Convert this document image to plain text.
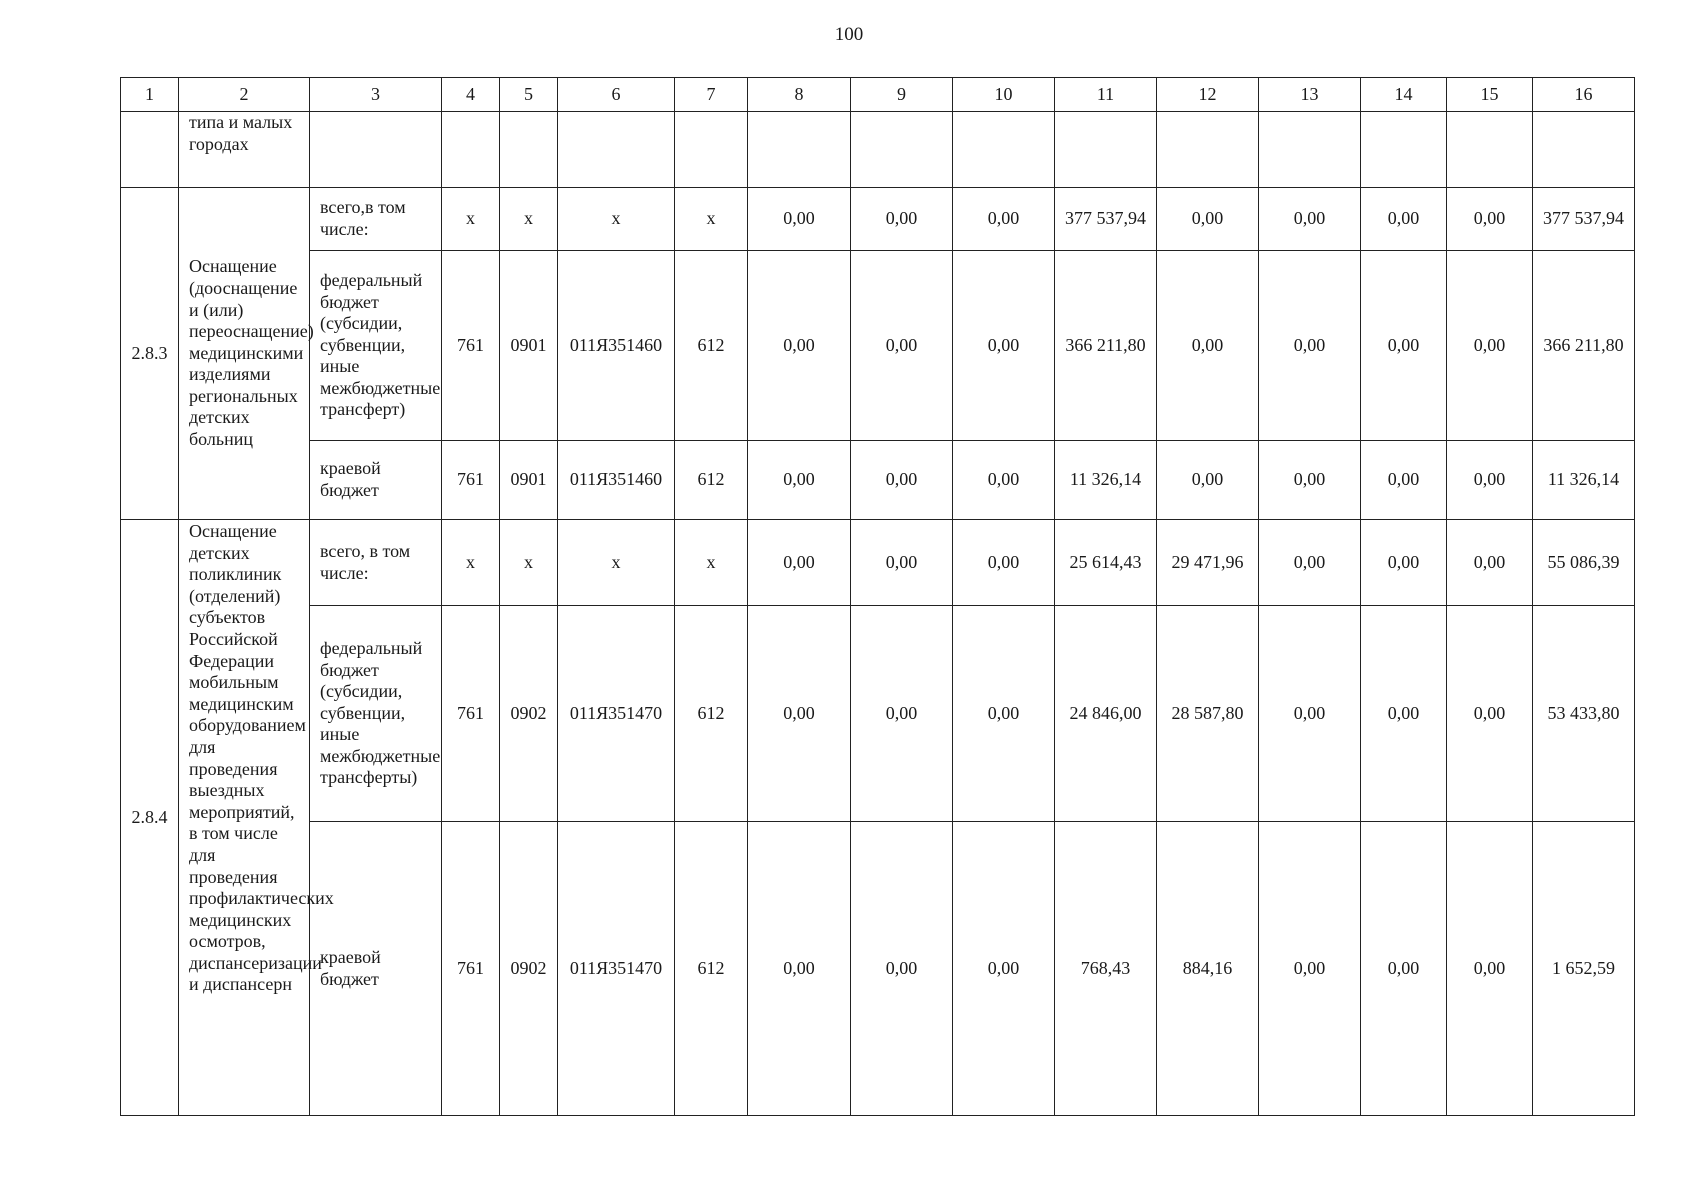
100
1	2	3	4	5	6	7	8	9	10	11	12	13	14	15	16
	типа и малых городах														
2.8.3	Оснащение (дооснащение и (или) переоснащение) медицинскими изделиями региональных детских больниц	всего,в том числе:	х	х	х	х	0,00	0,00	0,00	377 537,94	0,00	0,00	0,00	0,00	377 537,94
		федеральный бюджет (субсидии, субвенции, иные межбюджетные трансферт)	761	0901	011Я351460	612	0,00	0,00	0,00	366 211,80	0,00	0,00	0,00	0,00	366 211,80
		краевой бюджет	761	0901	011Я351460	612	0,00	0,00	0,00	11 326,14	0,00	0,00	0,00	0,00	11 326,14
2.8.4	Оснащение детских поликлиник (отделений) субъектов Российской Федерации мобильным медицинским оборудованием для проведения выездных мероприятий, в том числе для проведения профилактических медицинских осмотров, диспансеризации и диспансерн	всего, в том числе:	х	х	х	х	0,00	0,00	0,00	25 614,43	29 471,96	0,00	0,00	0,00	55 086,39
		федеральный бюджет (субсидии, субвенции, иные межбюджетные трансферты)	761	0902	011Я351470	612	0,00	0,00	0,00	24 846,00	28 587,80	0,00	0,00	0,00	53 433,80
		краевой бюджет	761	0902	011Я351470	612	0,00	0,00	0,00	768,43	884,16	0,00	0,00	0,00	1 652,59
